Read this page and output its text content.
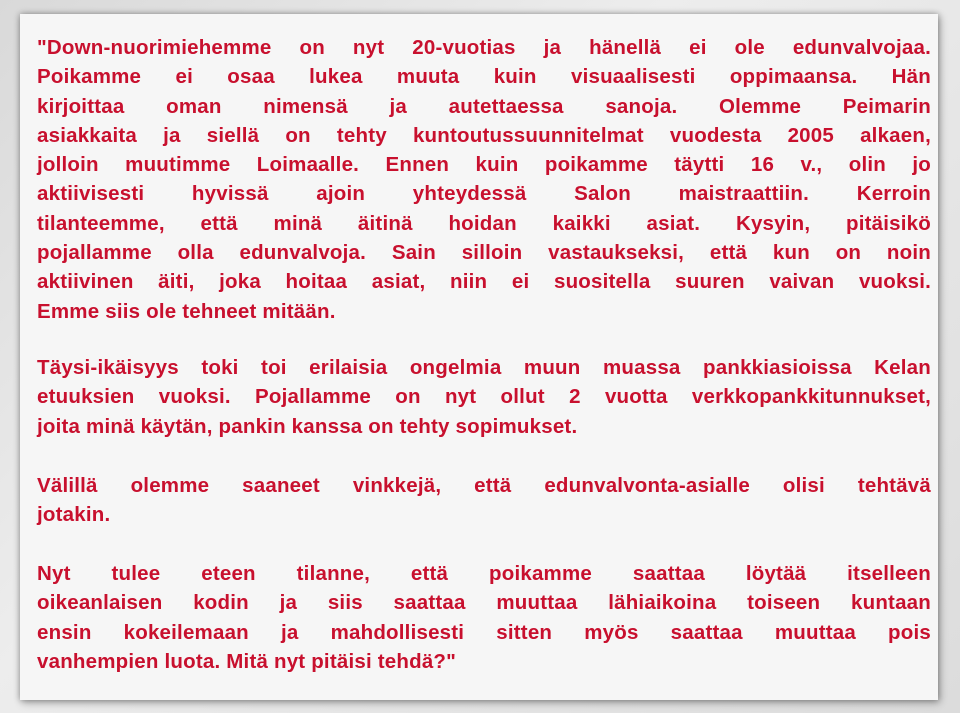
"Down-nuorimiehemme on nyt 20-vuotias ja hänellä ei ole edunvalvojaa.
Poikamme ei osaa lukea muuta kuin visuaalisesti oppimaansa. Hän
kirjoittaa oman nimensä ja autettaessa sanoja. Olemme Peimarin
asiakkaita ja siellä on tehty kuntoutussuunnitelmat vuodesta 2005 alkaen,
jolloin muutimme Loimaalle. Ennen kuin poikamme täytti 16 v., olin jo
aktiivisesti hyvissä ajoin yhteydessä Salon maistraattiin. Kerroin
tilanteemme, että minä äitinä hoidan kaikki asiat. Kysyin, pitäisikö
pojallamme olla edunvalvoja. Sain silloin vastaukseksi, että kun on noin
aktiivinen äiti, joka hoitaa asiat, niin ei suositella suuren vaivan vuoksi.
Emme siis ole tehneet mitään.
Täysi-ikäisyys toki toi erilaisia ongelmia muun muassa pankkiasioissa Kelan
etuuksien vuoksi. Pojallamme on nyt ollut 2 vuotta verkkopankkitunnukset,
joita minä käytän, pankin kanssa on tehty sopimukset.
Välillä olemme saaneet vinkkejä, että edunvalvonta-asialle olisi tehtävä
jotakin.
Nyt tulee eteen tilanne, että poikamme saattaa löytää itselleen
oikeanlaisen kodin ja siis saattaa muuttaa lähiaikoina toiseen kuntaan
ensin kokeilemaan ja mahdollisesti sitten myös saattaa muuttaa pois
vanhempien luota. Mitä nyt pitäisi tehdä?"
